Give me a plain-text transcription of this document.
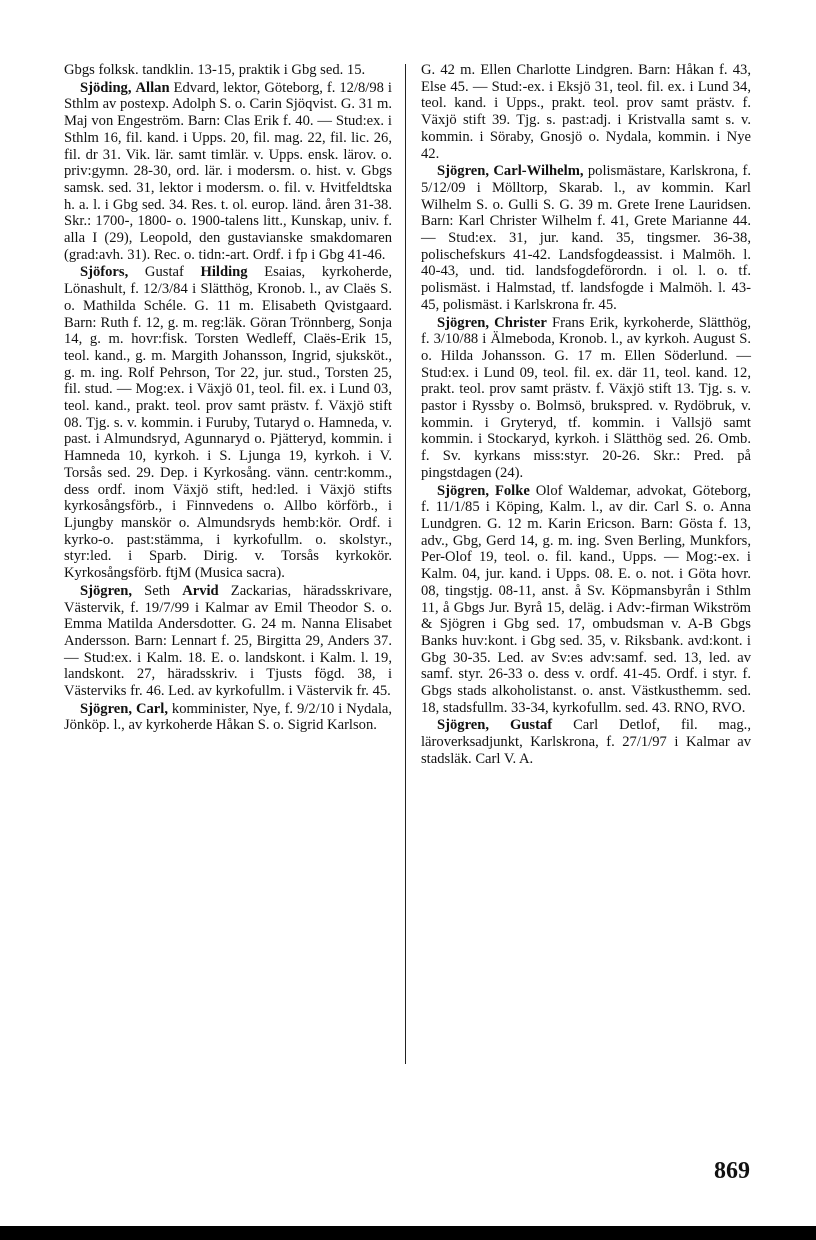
Gbgs folksk. tandklin. 13-15, praktik i Gbg sed. 15.

Sjöding, Allan Edvard, lektor, Göteborg, f. 12/8/98 i Sthlm av postexp. Adolph S. o. Carin Sjöqvist. G. 31 m. Maj von Engeström. Barn: Clas Erik f. 40. — Stud:ex. i Sthlm 16, fil. kand. i Upps. 20, fil. mag. 22, fil. lic. 26, fil. dr 31. Vik. lär. samt timlär. v. Upps. ensk. lärov. o. priv:gymn. 28-30, ord. lär. i modersm. o. hist. v. Gbgs samsk. sed. 31, lektor i modersm. o. fil. v. Hvitfeldtska h. a. l. i Gbg sed. 34. Res. t. ol. europ. länd. åren 31-38. Skr.: 1700-, 1800- o. 1900-talens litt., Kunskap, univ. f. alla I (29), Leopold, den gustavianske smakdomaren (grad:avh. 31). Rec. o. tidn:-art. Ordf. i fp i Gbg 41-46.

Sjöfors, Gustaf Hilding Esaias, kyrkoherde, Lönashult, f. 12/3/84 i Slätthög, Kronob. l., av Claës S. o. Mathilda Schéle. G. 11 m. Elisabeth Qvistgaard. Barn: Ruth f. 12, g. m. reg:läk. Göran Trönnberg, Sonja 14, g. m. hovr:fisk. Torsten Wedleff, Claës-Erik 15, teol. kand., g. m. Margith Johansson, Ingrid, sjuksköt., g. m. ing. Rolf Pehrson, Tor 22, jur. stud., Torsten 25, fil. stud. — Mog:ex. i Växjö 01, teol. fil. ex. i Lund 03, teol. kand., prakt. teol. prov samt prästv. f. Växjö stift 08. Tjg. s. v. kommin. i Furuby, Tutaryd o. Hamneda, v. past. i Almundsryd, Agunnaryd o. Pjätteryd, kommin. i Hamneda 10, kyrkoh. i S. Ljunga 19, kyrkoh. i V. Torsås sed. 29. Dep. i Kyrkosång. vänn. centr:komm., dess ordf. inom Växjö stift, hed:led. i Växjö stifts kyrkosångsförb., i Finnvedens o. Allbo körförb., i Ljungby manskör o. Almundsryds hemb:kör. Ordf. i kyrko-o. past:stämma, i kyrkofullm. o. skolstyr., styr:led. i Sparb. Dirig. v. Torsås kyrkokör. Kyrkosångsförb. ftjM (Musica sacra).

Sjögren, Seth Arvid Zackarias, häradsskrivare, Västervik, f. 19/7/99 i Kalmar av Emil Theodor S. o. Emma Matilda Andersdotter. G. 24 m. Nanna Elisabet Andersson. Barn: Lennart f. 25, Birgitta 29, Anders 37. — Stud:ex. i Kalm. 18. E. o. landskont. i Kalm. l. 19, landskont. 27, häradsskriv. i Tjusts fögd. 38, i Västerviks fr. 46. Led. av kyrkofullm. i Västervik fr. 45.

Sjögren, Carl, komminister, Nye, f. 9/2/10 i Nydala, Jönköp. l., av kyrkoherde Håkan S. o. Sigrid Karlson.

G. 42 m. Ellen Charlotte Lindgren. Barn: Håkan f. 43, Else 45. — Stud:-ex. i Eksjö 31, teol. fil. ex. i Lund 34, teol. kand. i Upps., prakt. teol. prov samt prästv. f. Växjö stift 39. Tjg. s. past:adj. i Kristvalla samt s. v. kommin. i Söraby, Gnosjö o. Nydala, kommin. i Nye 42.

Sjögren, Carl-Wilhelm, polismästare, Karlskrona, f. 5/12/09 i Mölltorp, Skarab. l., av kommin. Karl Wilhelm S. o. Gulli S. G. 39 m. Grete Irene Lauridsen. Barn: Karl Christer Wilhelm f. 41, Grete Marianne 44. — Stud:ex. 31, jur. kand. 35, tingsmer. 36-38, polischefskurs 41-42. Landsfogdeassist. i Malmöh. l. 40-43, und. tid. landsfogdeförordn. i ol. l. o. tf. polismäst. i Halmstad, tf. landsfogde i Malmöh. l. 43-45, polismäst. i Karlskrona fr. 45.

Sjögren, Christer Frans Erik, kyrkoherde, Slätthög, f. 3/10/88 i Älmeboda, Kronob. l., av kyrkoh. August S. o. Hilda Johansson. G. 17 m. Ellen Söderlund. — Stud:ex. i Lund 09, teol. fil. ex. där 11, teol. kand. 12, prakt. teol. prov samt prästv. f. Växjö stift 13. Tjg. s. v. pastor i Ryssby o. Bolmsö, brukspred. v. Rydöbruk, v. kommin. i Gryteryd, tf. kommin. i Vallsjö samt kommin. i Stockaryd, kyrkoh. i Slätthög sed. 26. Omb. f. Sv. kyrkans miss:styr. 20-26. Skr.: Pred. på pingstdagen (24).

Sjögren, Folke Olof Waldemar, advokat, Göteborg, f. 11/1/85 i Köping, Kalm. l., av dir. Carl S. o. Anna Lundgren. G. 12 m. Karin Ericson. Barn: Gösta f. 13, adv., Gbg, Gerd 14, g. m. ing. Sven Berling, Munkfors, Per-Olof 19, teol. o. fil. kand., Upps. — Mog:-ex. i Kalm. 04, jur. kand. i Upps. 08. E. o. not. i Göta hovr. 08, tingstjg. 08-11, anst. å Sv. Köpmansbyrån i Sthlm 11, å Gbgs Jur. Byrå 15, deläg. i Adv:-firman Wikström & Sjögren i Gbg sed. 17, ombudsman v. A-B Gbgs Banks huv:kont. i Gbg sed. 35, v. Riksbank. avd:kont. i Gbg 30-35. Led. av Sv:es adv:samf. sed. 13, led. av samf. styr. 26-33 o. dess v. ordf. 41-45. Ordf. i styr. f. Gbgs stads alkoholistanst. o. anst. Västkusthemm. sed. 18, stadsfullm. 33-34, kyrkofullm. sed. 43. RNO, RVO.

Sjögren, Gustaf Carl Detlof, fil. mag., läroverksadjunkt, Karlskrona, f. 27/1/97 i Kalmar av stadsläk. Carl V. A.

869
